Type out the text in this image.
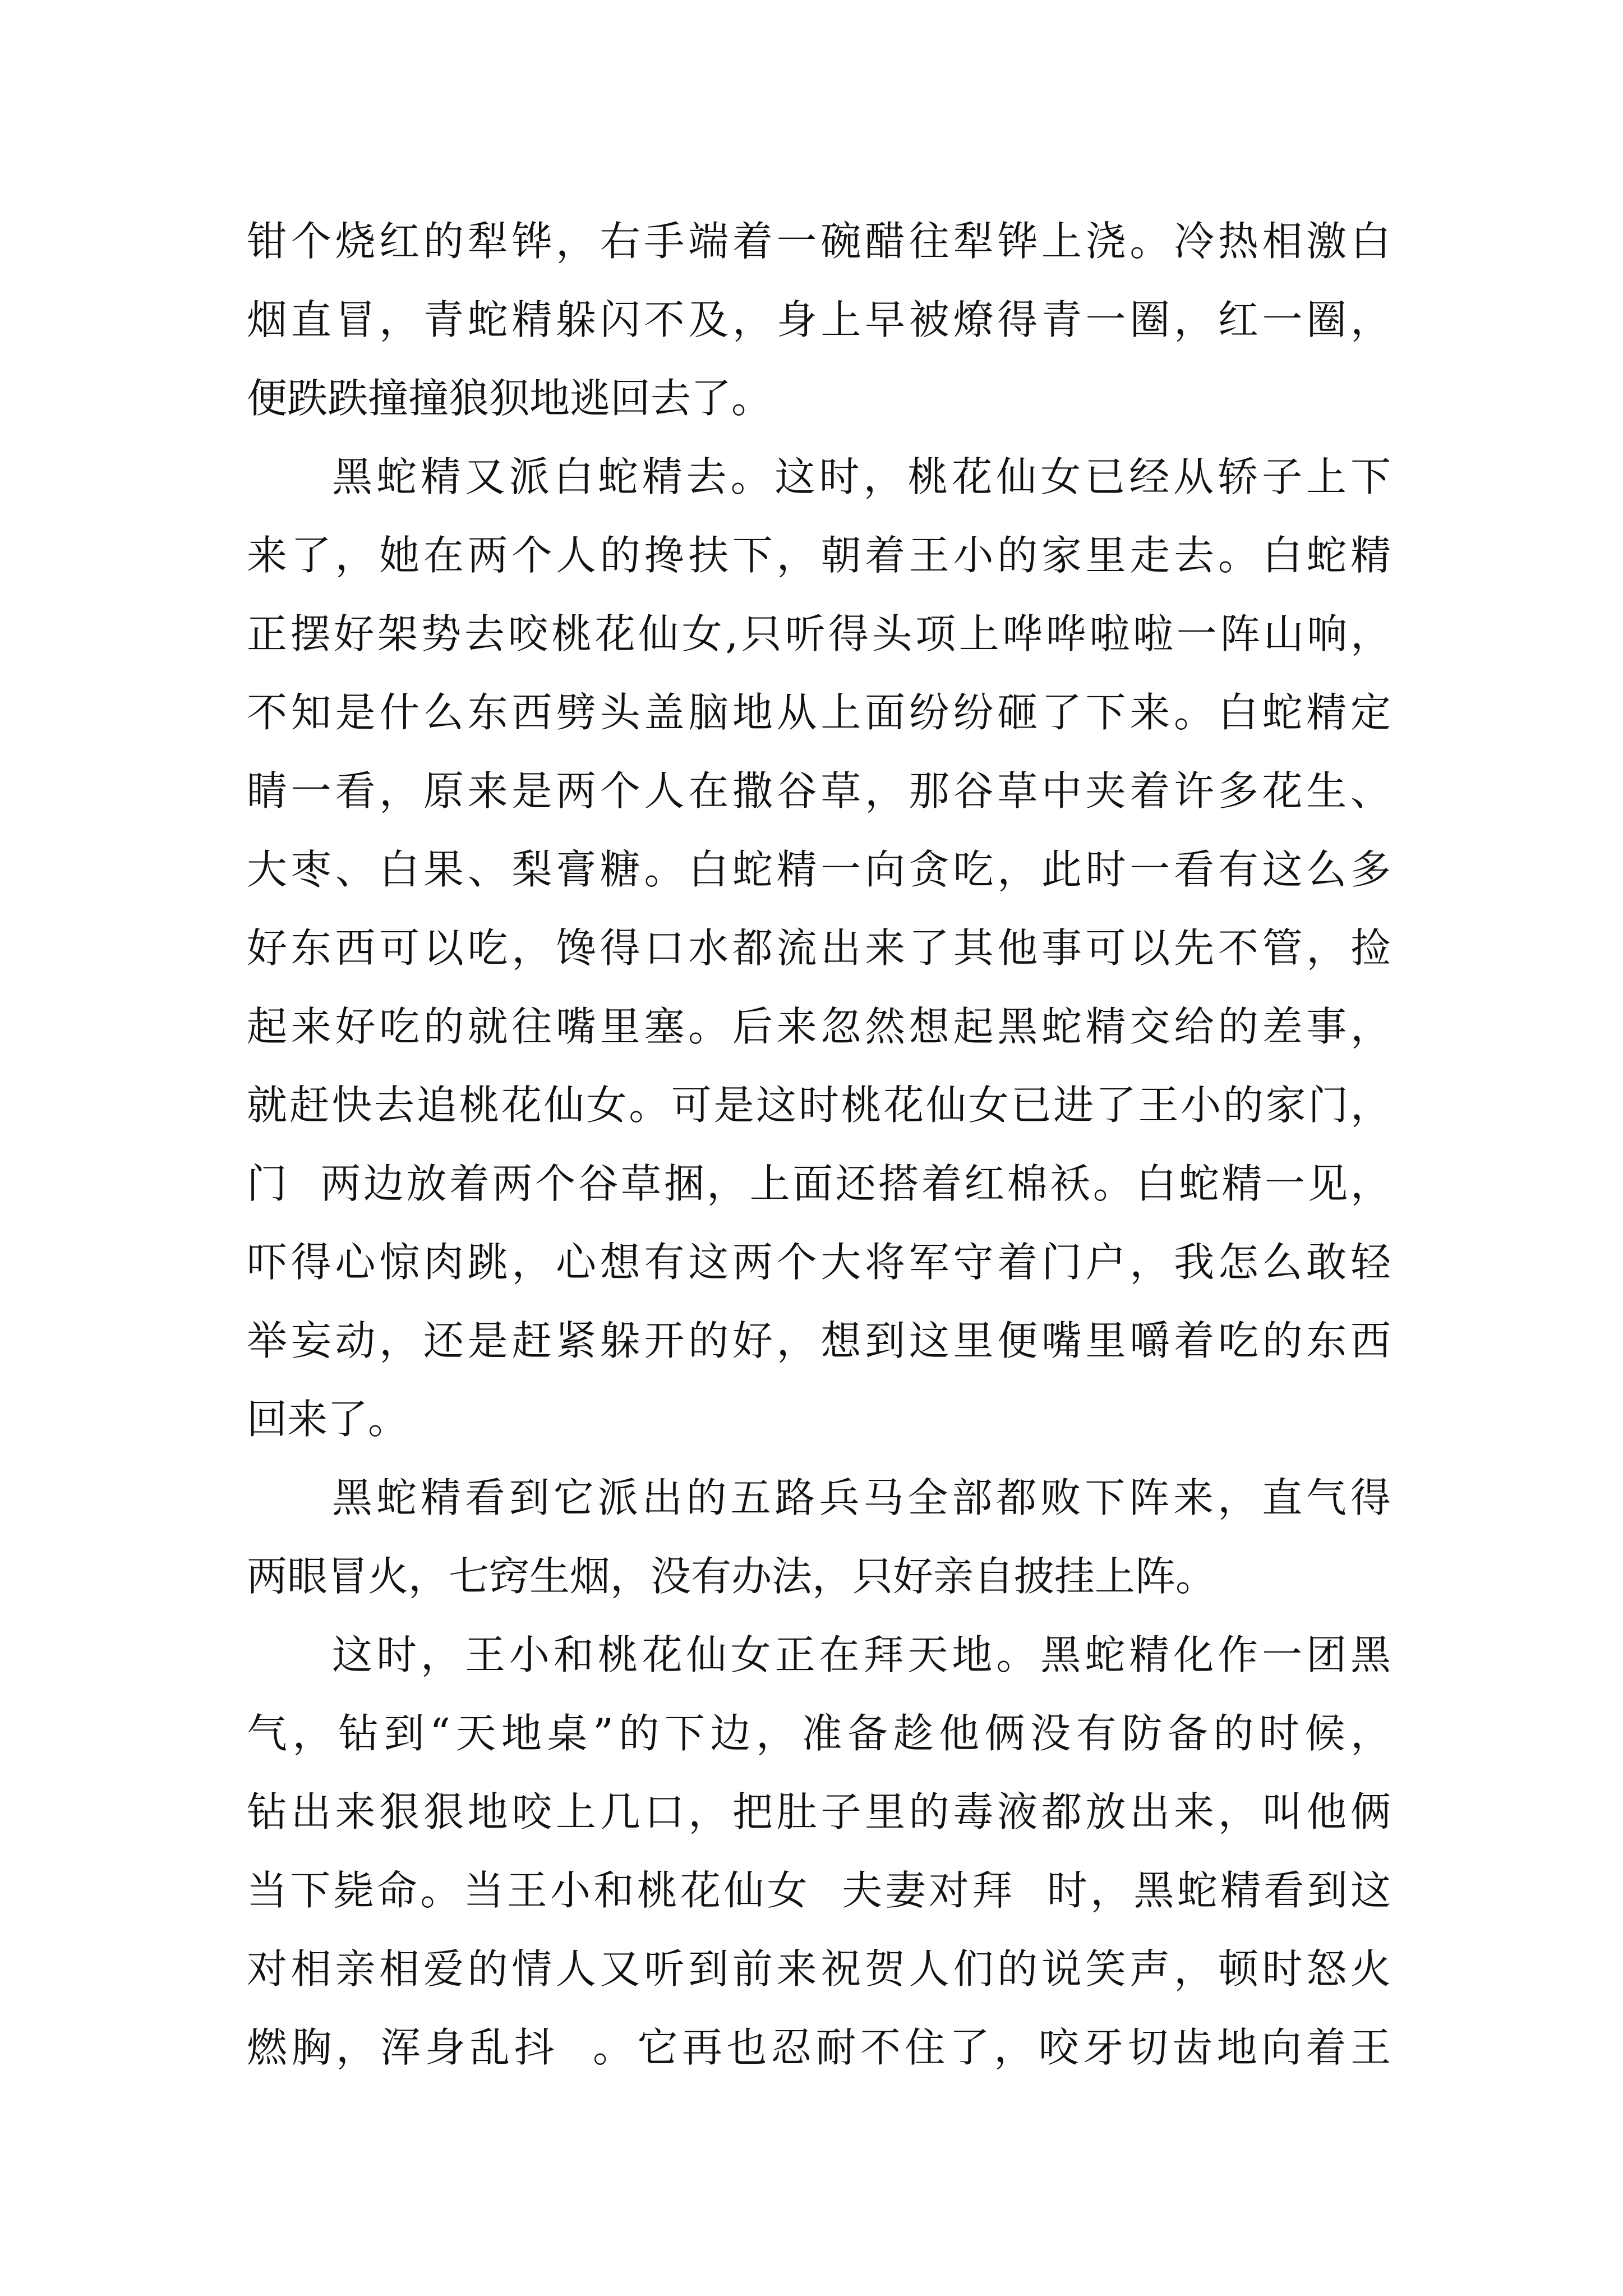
钳个烧红的犁铧，右手端着一碗醋往犁铧上浇。冷热相激白
烟直冒，青蛇精躲闪不及，身上早被燎得青一圈，红一圈，
便跌跌撞撞狼狈地逃回去了。
黑蛇精又派白蛇精去。这时，桃花仙女已经从轿子上下
来了，她在两个人的搀扶下，朝着王小的家里走去。白蛇精
正摆好架势去咬桃花仙女,只听得头项上哗哗啦啦一阵山响，
不知是什么东西劈头盖脑地从上面纷纷砸了下来。白蛇精定
睛一看，原来是两个人在撒谷草，那谷草中夹着许多花生、
大枣、白果、梨膏糖。白蛇精一向贪吃，此时一看有这么多
好东西可以吃，馋得口水都流出来了其他事可以先不管，捡
起来好吃的就往嘴里塞。后来忽然想起黑蛇精交给的差事，
就赶快去追桃花仙女。可是这时桃花仙女已进了王小的家门，
门  两边放着两个谷草捆，上面还搭着红棉袄。白蛇精一见，
吓得心惊肉跳，心想有这两个大将军守着门户，我怎么敢轻
举妄动，还是赶紧躲开的好，想到这里便嘴里嚼着吃的东西
回来了。
黑蛇精看到它派出的五路兵马全部都败下阵来，直气得
两眼冒火，七窍生烟，没有办法，只好亲自披挂上阵。
这时，王小和桃花仙女正在拜天地。黑蛇精化作一团黑
气，钻到“天地桌”的下边，准备趁他俩没有防备的时候，
钻出来狠狠地咬上几口，把肚子里的毒液都放出来，叫他俩
当下毙命。当王小和桃花仙女  夫妻对拜  时，黑蛇精看到这
对相亲相爱的情人又听到前来祝贺人们的说笑声，顿时怒火
燃胸，浑身乱抖  。它再也忍耐不住了，咬牙切齿地向着王
